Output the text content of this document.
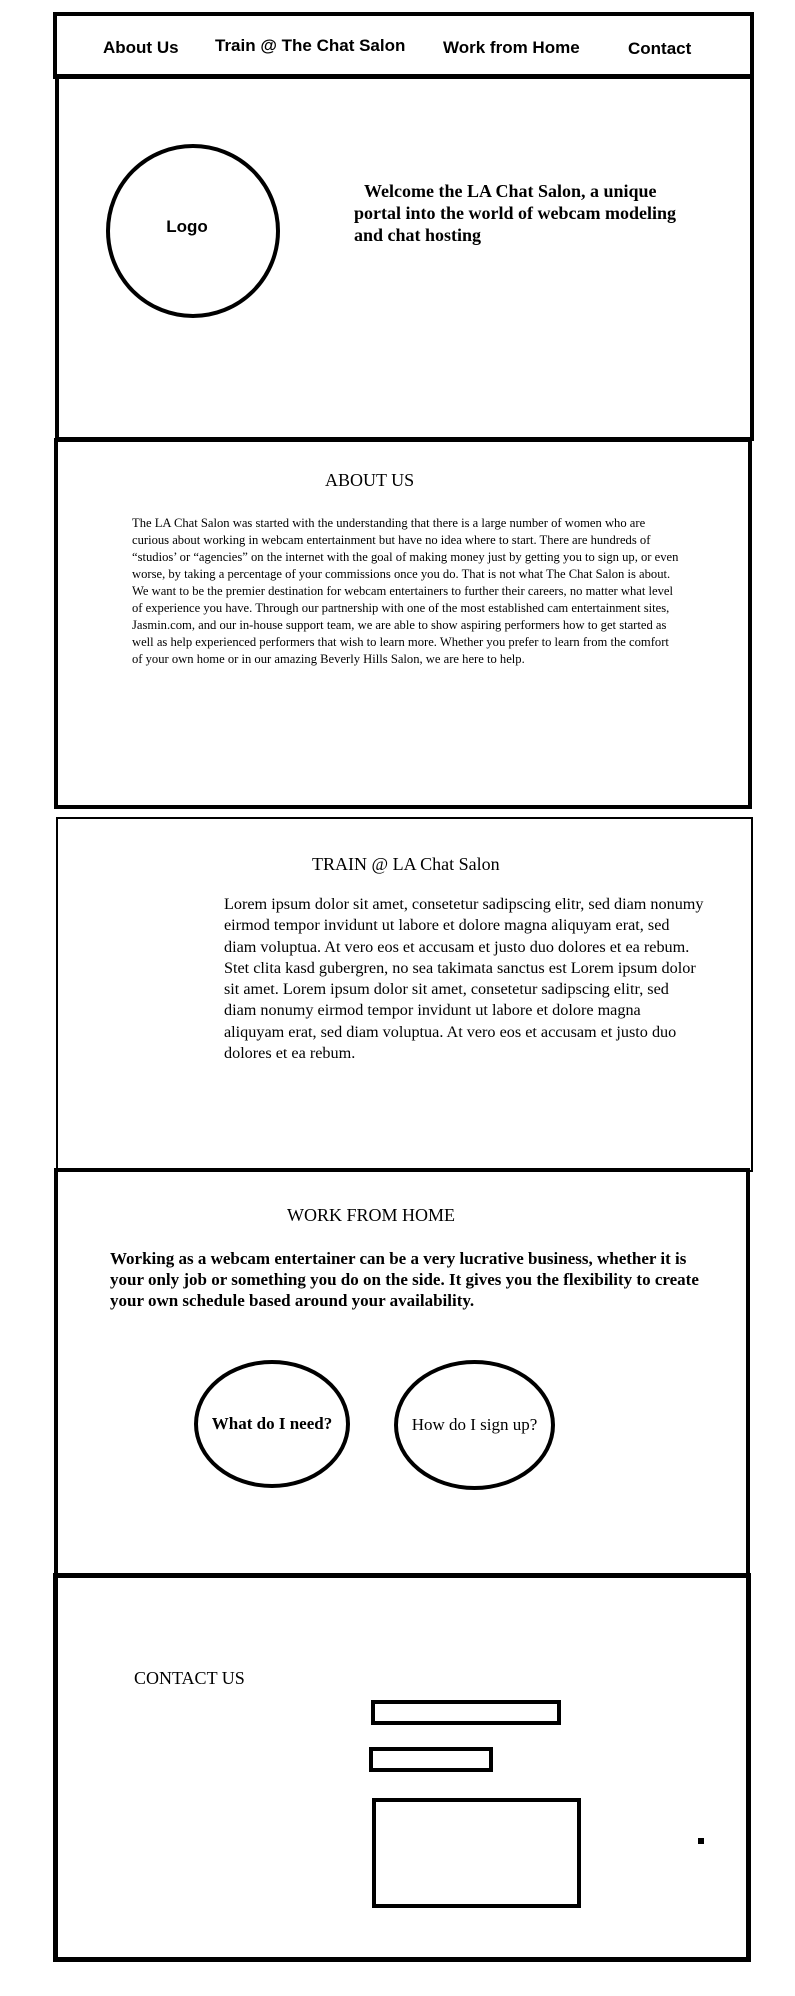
About Us Train @ The Chat Salon Work from Home	Contact
Logo
Welcome the LA Chat Salon, a unique portal into the world of webcam modeling and chat hosting
ABOUT US
The LA Chat Salon was started with the understanding that there is a large number of women who are curious about working in webcam entertainment but have no idea where to start. There are hundreds of “studios’ or “agencies” on the internet with the goal of making money just by getting you to sign up, or even worse, by taking a percentage of your commissions once you do. That is not what The Chat Salon is about. We want to be the premier destination for webcam entertainers to further their careers, no matter what level of experience you have. Through our partnership with one of the most established cam entertainment sites, Jasmin.com, and our in-house support team, we are able to show aspiring performers how to get started as well as help experienced performers that wish to learn more. Whether you prefer to learn from the comfort of your own home or in our amazing Beverly Hills Salon, we are here to help.
TRAIN @ LA Chat Salon
Lorem ipsum dolor sit amet, consetetur sadipscing elitr, sed diam nonumy eirmod tempor invidunt ut labore et dolore magna aliquyam erat, sed diam voluptua. At vero eos et accusam et justo duo dolores et ea rebum. Stet clita kasd gubergren, no sea takimata sanctus est Lorem ipsum dolor sit amet. Lorem ipsum dolor sit amet, consetetur sadipscing elitr, sed diam nonumy eirmod tempor invidunt ut labore et dolore magna aliquyam erat, sed diam voluptua. At vero eos et accusam et justo duo dolores et ea rebum.
WORK FROM HOME
Working as a webcam entertainer can be a very lucrative business, whether it is your only job or something you do on the side. It gives you the flexibility to create your own schedule based around your availability.
What do I need?	How do I sign up?
CONTACT US
